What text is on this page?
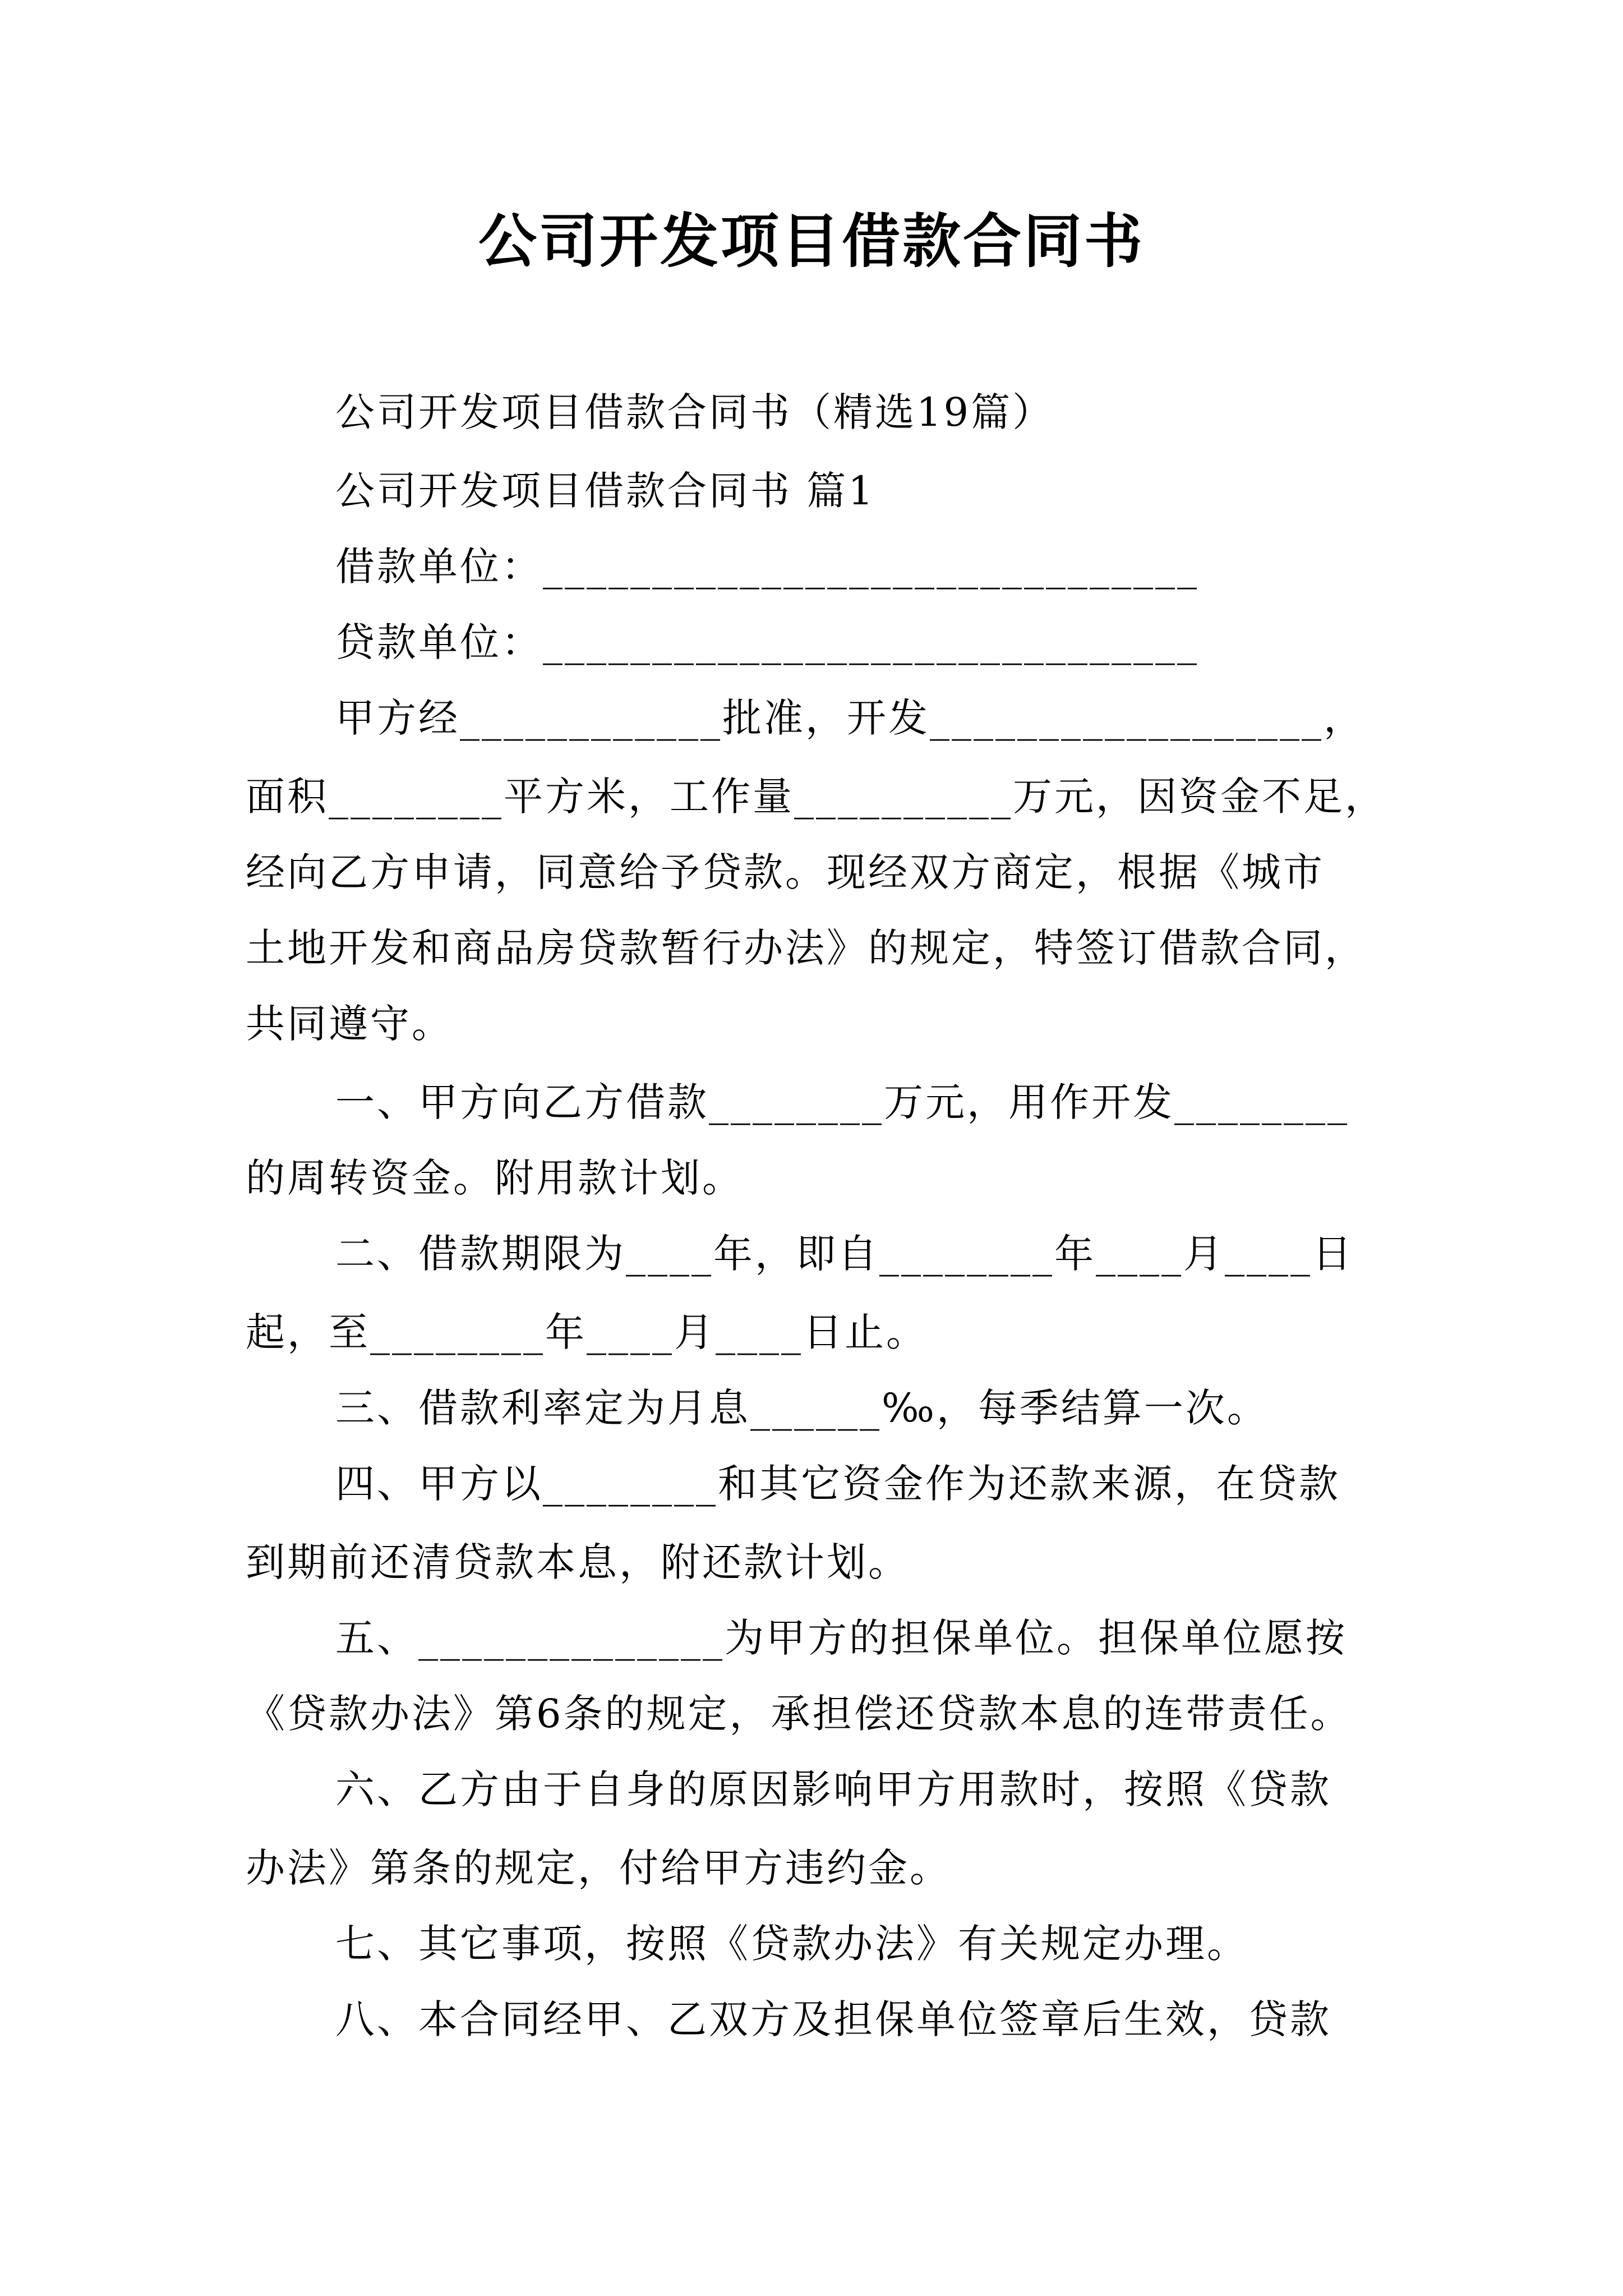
公司开发项目借款合同书
公司开发项目借款合同书（精选19篇）
公司开发项目借款合同书 篇1
借款单位：______________________________
贷款单位：______________________________
甲方经____________批准，开发__________________，
面积________平方米，工作量__________万元，因资金不足，
经向乙方申请，同意给予贷款。现经双方商定，根据《城市
土地开发和商品房贷款暂行办法》的规定，特签订借款合同，
共同遵守。
一、甲方向乙方借款________万元，用作开发________
的周转资金。附用款计划。
二、借款期限为____年，即自________年____月____日
起，至________年____月____日止。
三、借款利率定为月息______‰，每季结算一次。
四、甲方以________和其它资金作为还款来源，在贷款
到期前还清贷款本息，附还款计划。
五、______________为甲方的担保单位。担保单位愿按
《贷款办法》第6条的规定，承担偿还贷款本息的连带责任。
六、乙方由于自身的原因影响甲方用款时，按照《贷款
办法》第条的规定，付给甲方违约金。
七、其它事项，按照《贷款办法》有关规定办理。
八、本合同经甲、乙双方及担保单位签章后生效，贷款
